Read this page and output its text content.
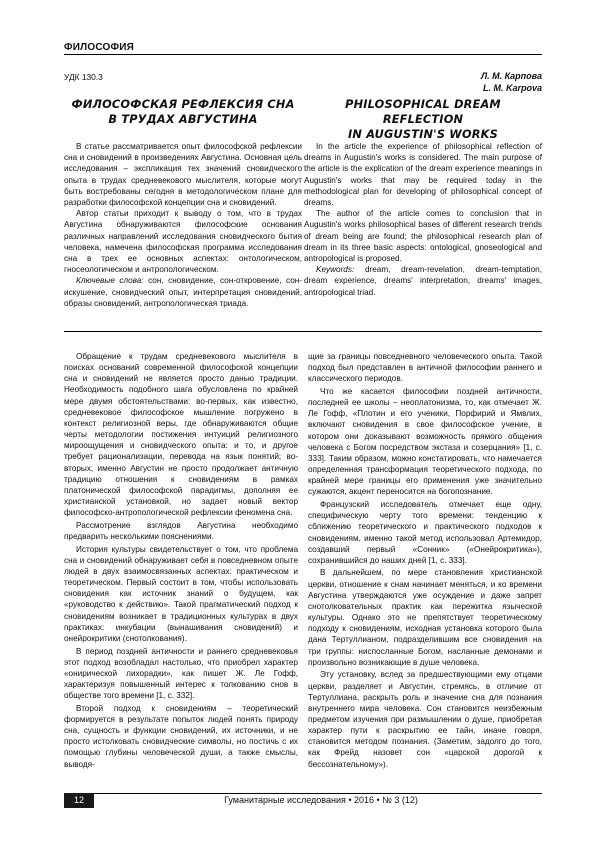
ФИЛОСОФИЯ
УДК 130.3	Л. М. Карпова
L. M. Karpova
ФИЛОСОФСКАЯ РЕФЛЕКСИЯ СНА
В ТРУДАХ АВГУСТИНА
PHILOSOPHICAL DREAM REFLECTION
IN AUGUSTIN'S WORKS

В статье рассматривается опыт философской рефлексии сна и сновидений в произведениях Августина. Основная цель исследования – экспликация тех значений сновидческого опыта в трудах средневекового мыслителя, которые могут быть востребованы сегодня в методологическом плане для разработки философской концепции сна и сновидений.

Автор статьи приходит к выводу о том, что в трудах Августина обнаруживаются философские основания различных направлений исследования сновидческого бытия человека, намечена философская программа исследования сна в трех ее основных аспектах: онтологическом, гносеологическом и антропологическом.

Ключевые слова: сон, сновидение, сон-откровение, сон-искушение, сновидческий опыт, интерпретация сновидений, образы сновидений, антропологическая триада.

In the article the experience of philosophical reflection of dreams in Augustin's works is considered. The main purpose of the article is the explication of the dream experience meanings in Augustin's works that may be required today in the methodological plan for developing of philosophical concept of dreams.

The author of the article comes to conclusion that in Augustin's works philosophical bases of different research trends of dream being are found; the philosophical research plan of dream in its three basic aspects: ontological, gnoseological and antropological is proposed.

Keywords: dream, dream-revelation, dream-temptation, dream experience, dreams' interpretation, dreams' images, antropological triad.

Обращение к трудам средневекового мыслителя в поисках оснований современной философской концепции сна и сновидений не является просто данью традиции. Необходимость подобного шага обусловлена по крайней мере двумя обстоятельствами: во-первых, как известно, средневековое философское мышление погружено в контекст религиозной веры, где обнаруживаются общие черты методологии постижения интуиций религиозного мироощущения и сновидческого опыта: и то, и другое требует рационализации, перевода на язык понятий; во-вторых, именно Августин не просто продолжает античную традицию отношения к сновидениям в рамках платонической философской парадигмы, дополняя ее христианской установкой, но задает новый вектор философско-антропологической рефлексии феномена сна.

Рассмотрение взглядов Августина необходимо предварить несколькими пояснениями.

История культуры свидетельствует о том, что проблема сна и сновидений обнаруживает себя в повседневном опыте людей в двух взаимосвязанных аспектах: практическом и теоретическом. Первый состоит в том, чтобы использовать сновидения как источник знаний о будущем, как «руководство к действию». Такой прагматический подход к сновидениям возникает в традиционных культурах в двух практиках: инкубации (вынашивания сновидений) и онейрокритики (снотолкования).

В период поздней античности и раннего средневековья этот подход возобладал настолько, что приобрел характер «онирической лихорадки», как пишет Ж. Ле Гофф, характеризуя повышенный интерес к толкованию снов в обществе того времени [1, с. 332].

Второй подход к сновидениям – теоретический формируется в результате попыток людей понять природу сна, сущность и функции сновидений, их источники, и не просто истолковать сновидческие символы, но постичь с их помощью глубины человеческой души, а также смыслы, выводя-

щие за границы повседневного человеческого опыта. Такой подход был представлен в античной философии раннего и классического периодов.

Что же касается философии поздней античности, последней ее школы – неоплатонизма, то, как отмечает Ж. Ле Гофф, «Плотин и его ученики, Порфирий и Ямвлих, включают сновидения в свое философское учение, в котором они доказывают возможность прямого общения человека с Богом посредством экстаза и созерцания» [1, с. 333]. Таким образом, можно констатировать, что намечается определенная трансформация теоретического подхода, по крайней мере границы его применения уже значительно сужаются, акцент переносится на богопознание.

Французский исследователь отмечает еще одну, специфическую черту того времени: тенденцию к сближению теоретического и практического подходов к сновидениям, именно такой метод использовал Артемидор, создавший первый «Сонник» («Онейрокритика»), сохранившийся до наших дней [1, с. 333].

В дальнейшем, по мере становления христианской церкви, отношение к снам начинает меняться, и ко времени Августина утверждаются уже осуждение и даже запрет снотолковательных практик как пережитка языческой культуры. Однако это не препятствует теоретическому подходу к сновидениям, исходная установка которого была дана Тертуллианом, подразделившим все сновидения на три группы: ниспосланные Богом, насланные демонами и произвольно возникающие в душе человека.

Эту установку, вслед за предшествующими ему отцами церкви, разделяет и Августин, стремясь, в отличие от Тертуллиана, раскрыть роль и значение сна для познания внутреннего мира человека. Сон становится неизбежным предметом изучения при размышлении о душе, приобретая характер пути к раскрытию ее тайн, иначе говоря, становится методом познания. (Заметим, задолго до того, как Фрейд назовет сон «царской дорогой к бессознательному»).

12	Гуманитарные исследования • 2016 • № 3 (12)
